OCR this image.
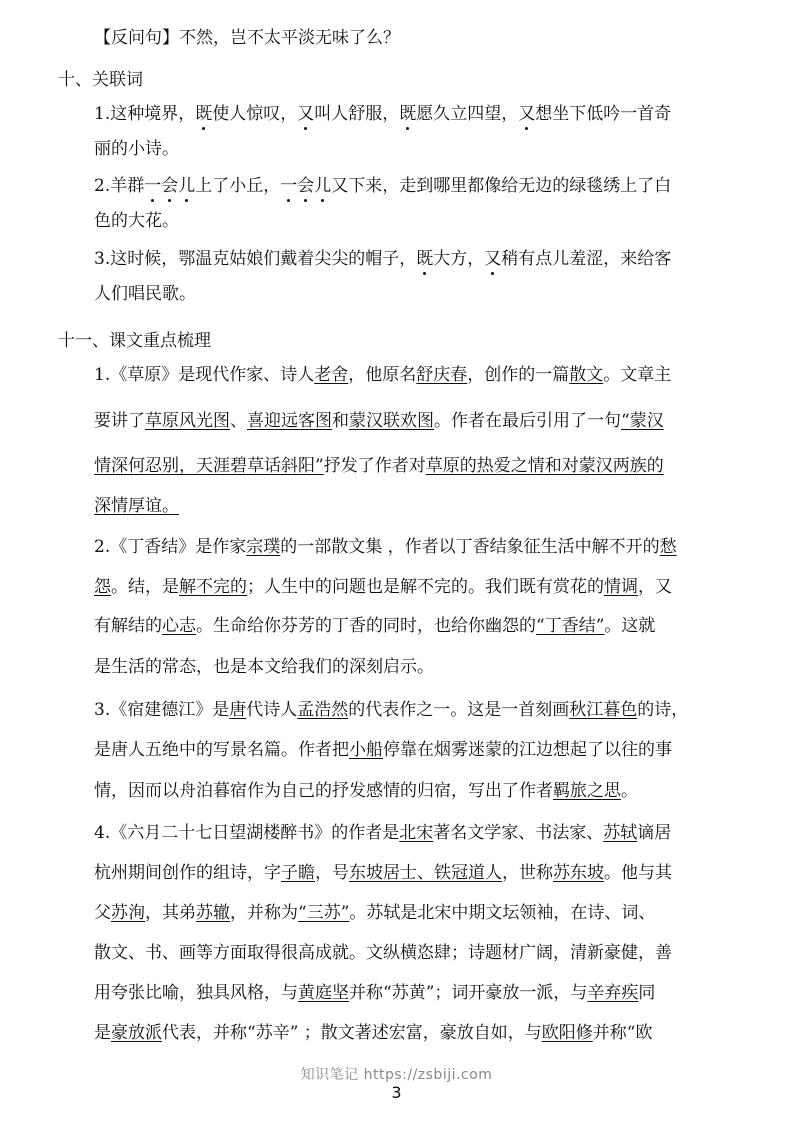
【反问句】不然，岂不太平淡无味了么？
十、关联词
1.这种境界，既使人惊叹，又叫人舒服，既愿久立四望，又想坐下低吟一首奇
丽的小诗。
2.羊群一会儿上了小丘，一会儿又下来，走到哪里都像给无边的绿毯绣上了白
色的大花。
3.这时候，鄂温克姑娘们戴着尖尖的帽子，既大方，又稍有点儿羞涩，来给客
人们唱民歌。
十一、课文重点梳理
1.《草原》是现代作家、诗人老舍，他原名舒庆春，创作的一篇散文。文章主
要讲了草原风光图、喜迎远客图和蒙汉联欢图。作者在最后引用了一句“蒙汉
情深何忍别，天涯碧草话斜阳”抒发了作者对草原的热爱之情和对蒙汉两族的
深情厚谊。
2.《丁香结》是作家宗璞的一部散文集 ，作者以丁香结象征生活中解不开的愁
怨。结，是解不完的；人生中的问题也是解不完的。我们既有赏花的情调，又
有解结的心志。生命给你芬芳的丁香的同时，也给你幽怨的“丁香结”。这就
是生活的常态，也是本文给我们的深刻启示。
3.《宿建德江》是唐代诗人孟浩然的代表作之一。这是一首刻画秋江暮色的诗，
是唐人五绝中的写景名篇。作者把小船停靠在烟雾迷蒙的江边想起了以往的事
情，因而以舟泊暮宿作为自己的抒发感情的归宿，写出了作者羁旅之思。
4.《六月二十七日望湖楼醉书》的作者是北宋著名文学家、书法家、苏轼谪居
杭州期间创作的组诗，字子瞻，号东坡居士、铁冠道人，世称苏东坡。他与其
父苏洵，其弟苏辙，并称为“三苏”。苏轼是北宋中期文坛领袖，在诗、词、
散文、书、画等方面取得很高成就。文纵横恣肆；诗题材广阔，清新豪健，善
用夸张比喻，独具风格，与黄庭坚并称“苏黄”；词开豪放一派，与辛弃疾同
是豪放派代表，并称“苏辛” ；散文著述宏富，豪放自如，与欧阳修并称“欧
知识笔记 https://zsbiji.com
3
